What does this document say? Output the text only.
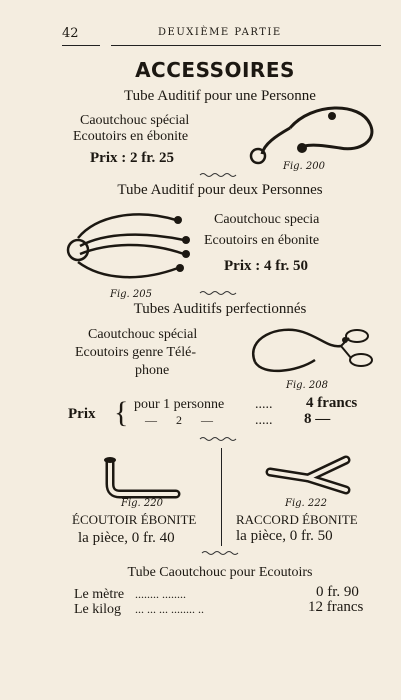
42	DEUXIÈME PARTIE
ACCESSOIRES
Tube Auditif pour une Personne
Caoutchouc spécial
Ecoutoirs en ébonite
Prix : 2 fr. 25
Fig. 200
Tube Auditif pour deux Personnes
Fig. 205
Caoutchouc specia
Ecoutoirs en ébonite
Prix : 4 fr. 50
Tubes Auditifs perfectionnés
Caoutchouc spécial
Ecoutoirs genre Télé-
phone
Fig. 208
Prix { pour 1 personne ..... 4 francs
— 2 — ..... 8 —
Fig. 220	Fig. 222
ÉCOUTOIR ÉBONITE	RACCORD ÉBONITE
la pièce, 0 fr. 40	la pièce, 0 fr. 50
Tube Caoutchouc pour Ecoutoirs
Le mètre ........ ........	0 fr. 90
Le kilog ... ... ... ........ ..	12 francs
